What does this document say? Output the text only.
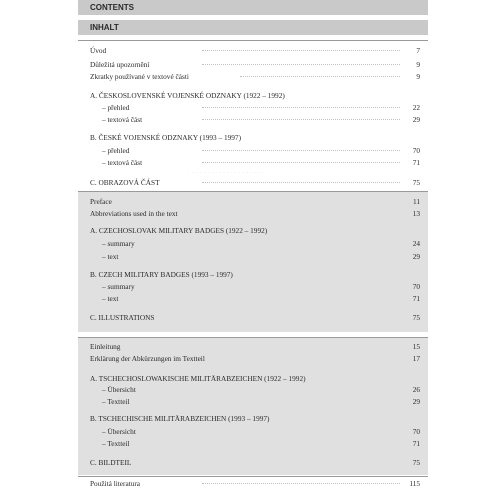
CONTENTS
INHALT
. . . . . . . . . . . . . . . . . . . . .
Úvod	7
Důležitá upozornění	9
Zkratky používané v textové části	9
A. ČESKOSLOVENSKÉ VOJENSKÉ ODZNAKY (1922 – 1992)
– přehled	22
– textová část	29
B. ČESKÉ VOJENSKÉ ODZNAKY (1993 – 1997)
– přehled	70
– textová část	71
C. OBRAZOVÁ ČÁST	75
Preface	11
Abbreviations used in the text	13
A. CZECHOSLOVAK MILITARY BADGES (1922 – 1992)
– summary	24
– text	29
B. CZECH MILITARY BADGES (1993 – 1997)
– summary	70
– text	71
C. ILLUSTRATIONS	75
Einleitung	15
Erklärung der Abkürzungen im Textteil	17
A. TSCHECHOSLOWAKISCHE MILITÄRABZEICHEN (1922 – 1992)
– Übersicht	26
– Textteil	29
B. TSCHECHISCHE MILITÄRABZEICHEN (1993 – 1997)
– Übersicht	70
– Textteil	71
C. BILDTEIL	75
Použitá literatura	115
